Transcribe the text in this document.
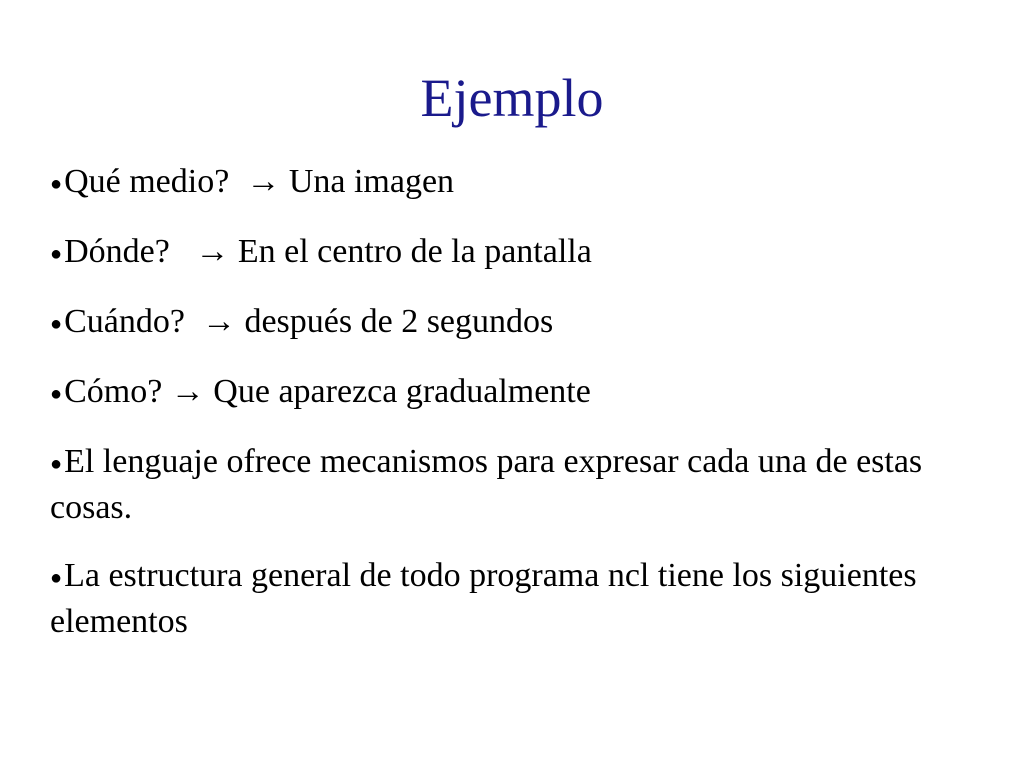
Ejemplo
●Qué medio?  → Una imagen
●Dónde?   → En el centro de la pantalla
●Cuándo?  → después de 2 segundos
●Cómo? → Que aparezca gradualmente
●El lenguaje ofrece mecanismos para expresar cada una de estas cosas.
●La estructura general de todo programa ncl tiene los siguientes elementos
